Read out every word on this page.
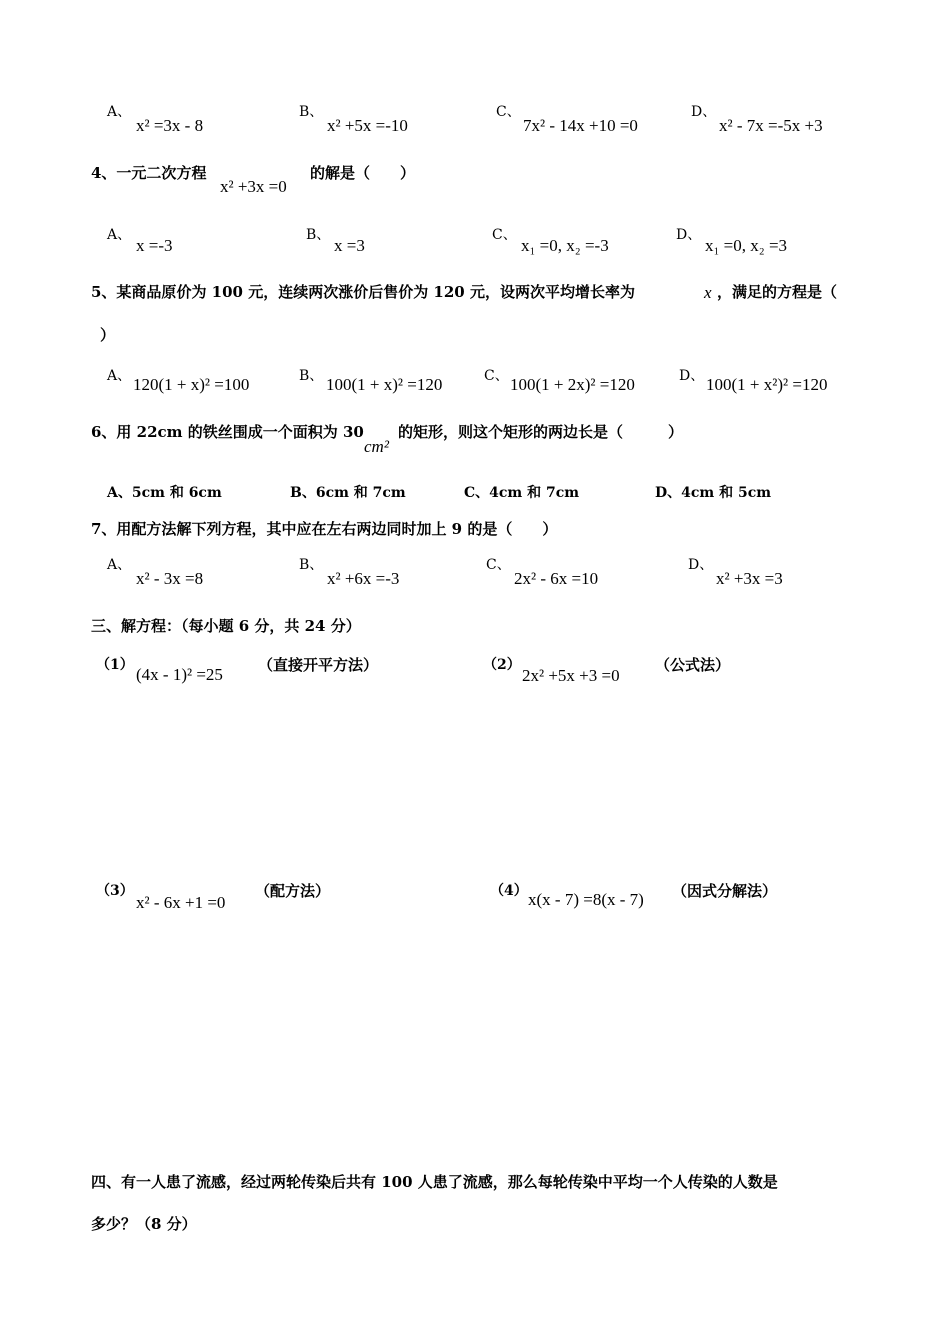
A、
x² =3x - 8
B、
x² +5x =-10
C、
7x² - 14x +10 =0
D、
x² - 7x =-5x +3
4、一元二次方程
x² +3x =0
的解是（　　）
A、
x =-3
B、
x =3
C、
x₁ =0, x₂ =-3
D、
x₁ =0, x₂ =3
5、某商品原价为 100 元，连续两次涨价后售价为 120 元，设两次平均增长率为	x ，满足的方程是（
）
A、 120(1 + x)² =100	B、 100(1 + x)² =120	C、 100(1 + 2x)² =120	D、 100(1 + x²)² =120
6、用 22cm 的铁丝围成一个面积为 30
cm²
的矩形，则这个矩形的两边长是（　　　）
A、5cm 和 6cm	B、6cm 和 7cm	C、4cm 和 7cm	D、4cm 和 5cm
7、用配方法解下列方程，其中应在左右两边同时加上 9 的是（　　）
A、
x² - 3x =8
B、
x² +6x =-3
C、
2x² - 6x =10
D、
x² +3x =3
三、解方程：（每小题 6 分，共 24 分）
（1） (4x - 1)² =25 （直接开平方法）	（2）
2x² +5x +3 =0
（公式法）
（3）
x² - 6x +1 =0
（配方法）	（4） x(x - 7) =8(x - 7) （因式分解法）
四、有一人患了流感，经过两轮传染后共有 100 人患了流感，那么每轮传染中平均一个人传染的人数是
多少？（8 分）
